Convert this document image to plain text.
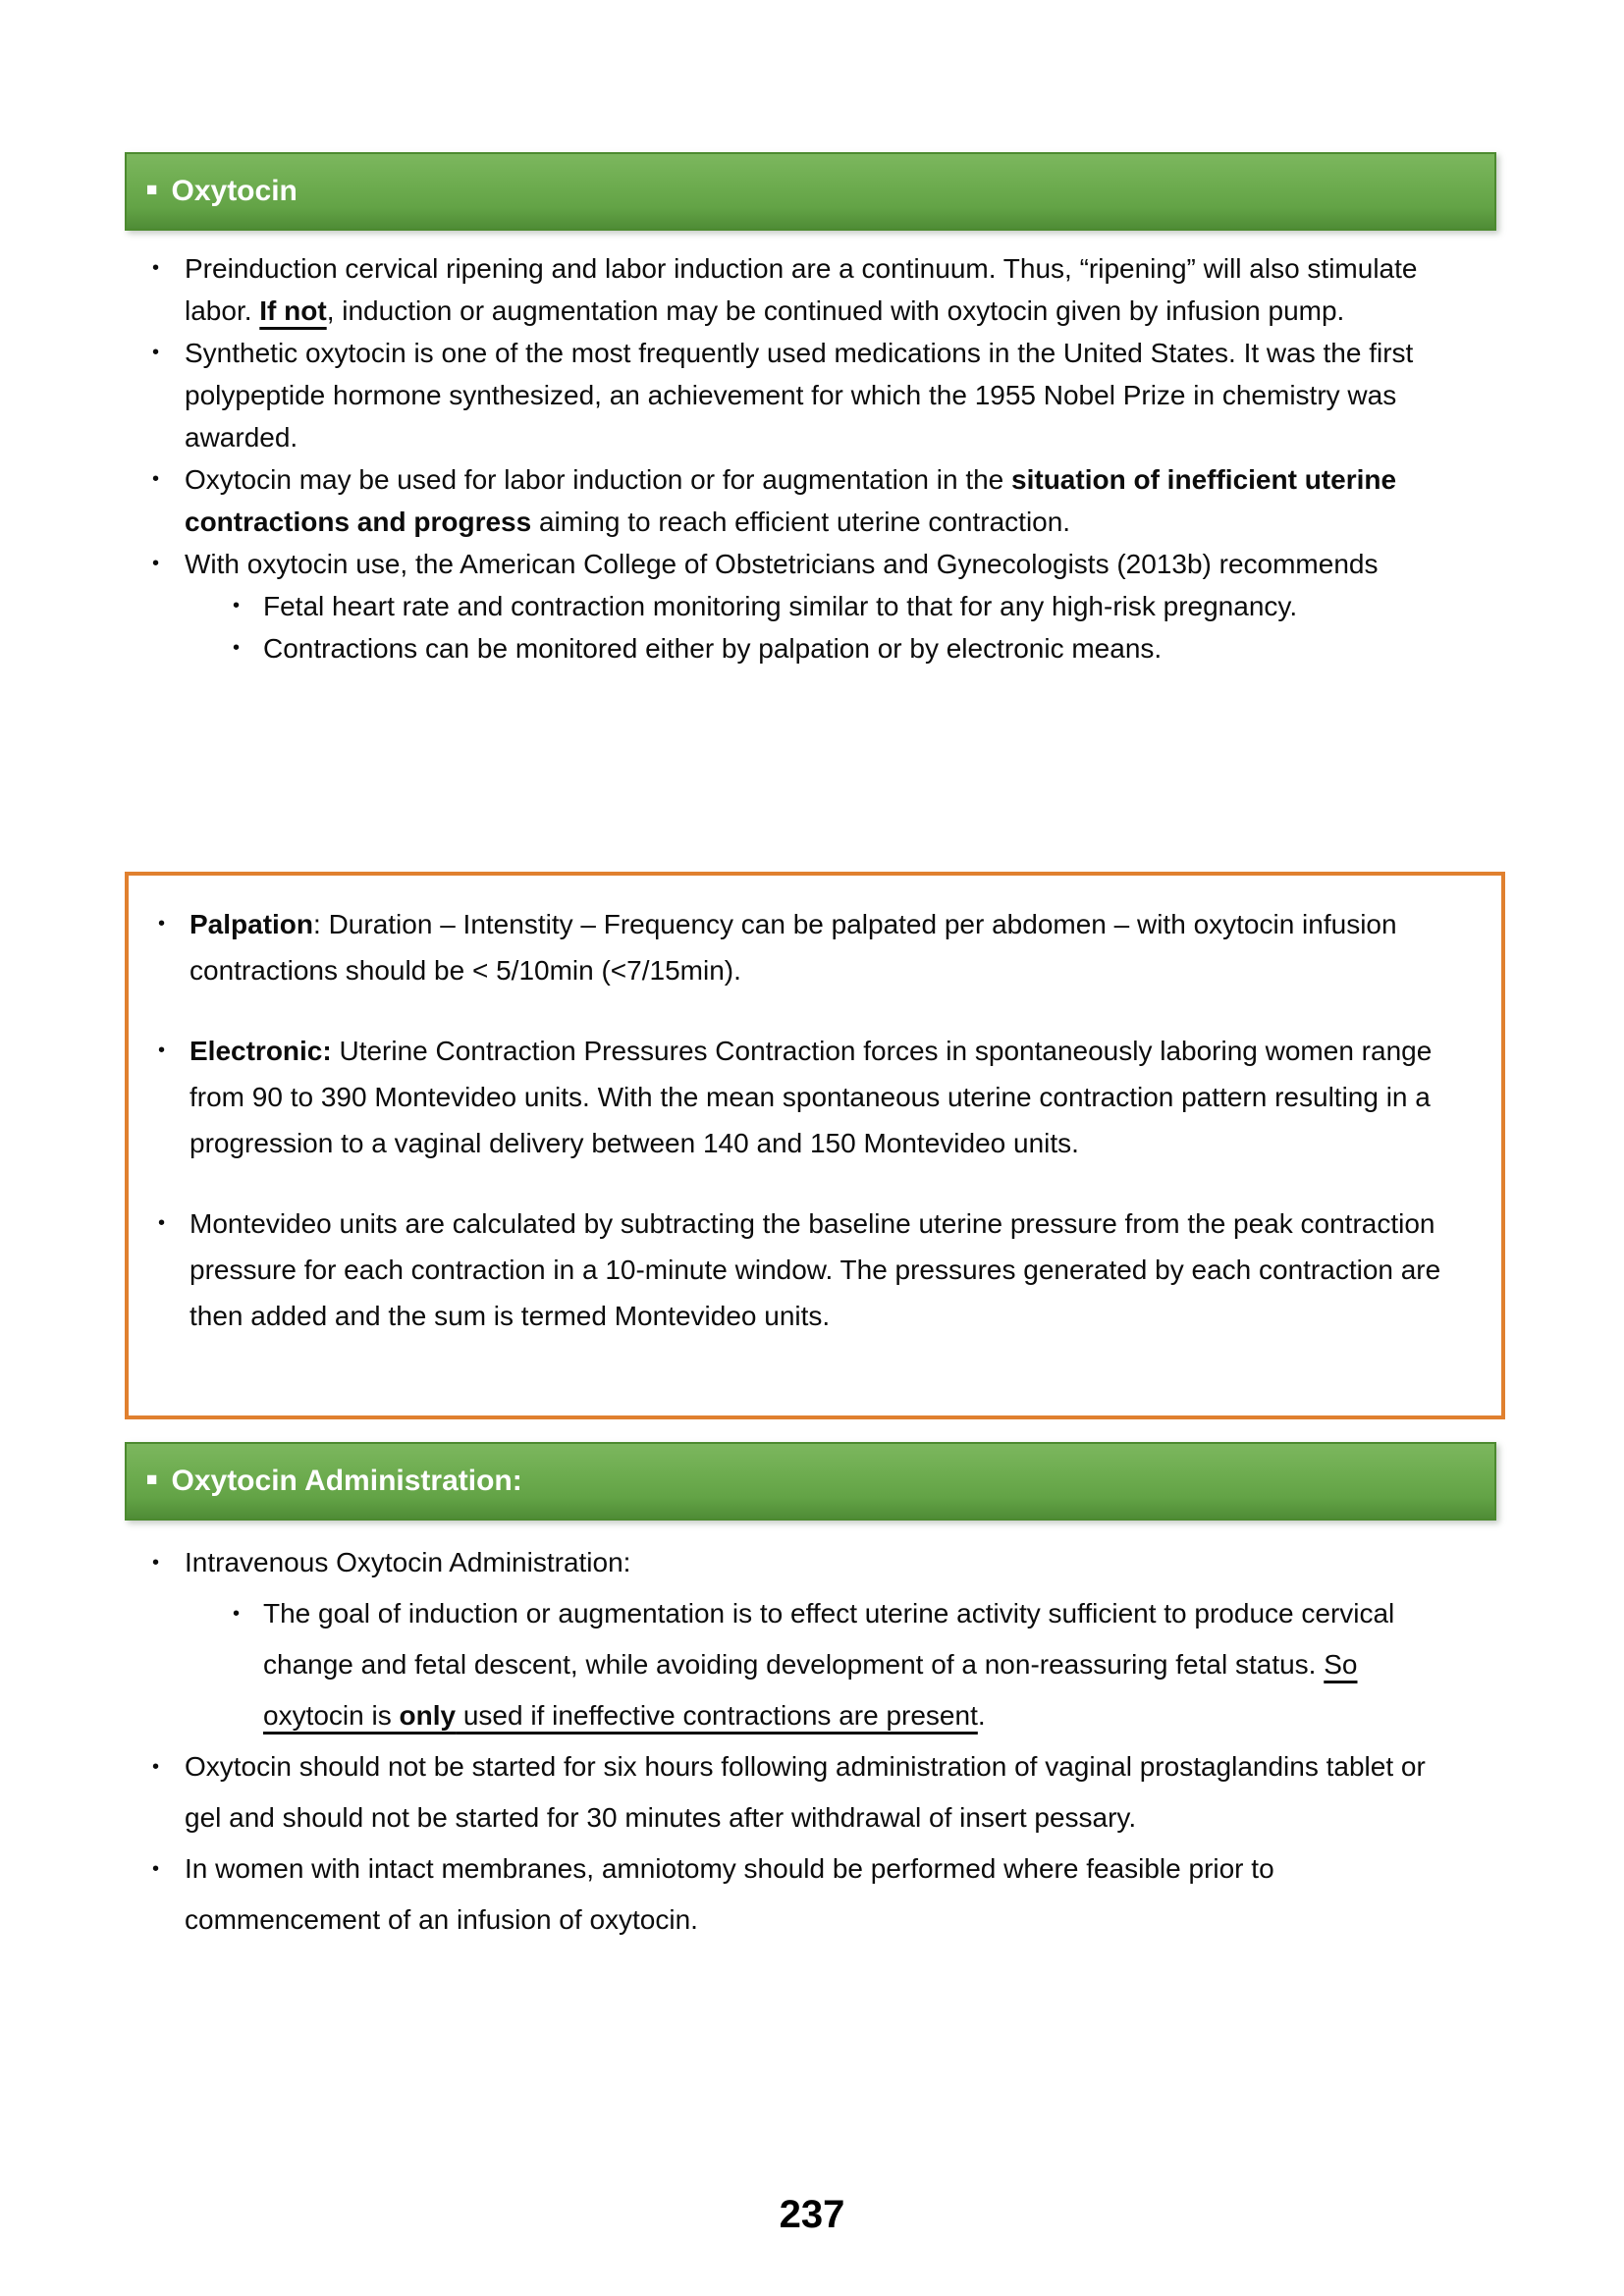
■ Oxytocin
• Preinduction cervical ripening and labor induction are a continuum. Thus, “ripening” will also stimulate labor. If not, induction or augmentation may be continued with oxytocin given by infusion pump.
• Synthetic oxytocin is one of the most frequently used medications in the United States. It was the first polypeptide hormone synthesized, an achievement for which the 1955 Nobel Prize in chemistry was awarded.
• Oxytocin may be used for labor induction or for augmentation in the situation of inefficient uterine contractions and progress aiming to reach efficient uterine contraction.
• With oxytocin use, the American College of Obstetricians and Gynecologists (2013b) recommends
• Fetal heart rate and contraction monitoring similar to that for any high-risk pregnancy.
• Contractions can be monitored either by palpation or by electronic means.
• Palpation: Duration – Intenstity – Frequency can be palpated per abdomen – with oxytocin infusion contractions should be < 5/10min (<7/15min).
• Electronic: Uterine Contraction Pressures Contraction forces in spontaneously laboring women range from 90 to 390 Montevideo units. With the mean spontaneous uterine contraction pattern resulting in a progression to a vaginal delivery between 140 and 150 Montevideo units.
• Montevideo units are calculated by subtracting the baseline uterine pressure from the peak contraction pressure for each contraction in a 10-minute window. The pressures generated by each contraction are then added and the sum is termed Montevideo units.
■ Oxytocin Administration:
• Intravenous Oxytocin Administration:
• The goal of induction or augmentation is to effect uterine activity sufficient to produce cervical change and fetal descent, while avoiding development of a non-reassuring fetal status. So oxytocin is only used if ineffective contractions are present.
• Oxytocin should not be started for six hours following administration of vaginal prostaglandins tablet or gel and should not be started for 30 minutes after withdrawal of insert pessary.
• In women with intact membranes, amniotomy should be performed where feasible prior to commencement of an infusion of oxytocin.
237
